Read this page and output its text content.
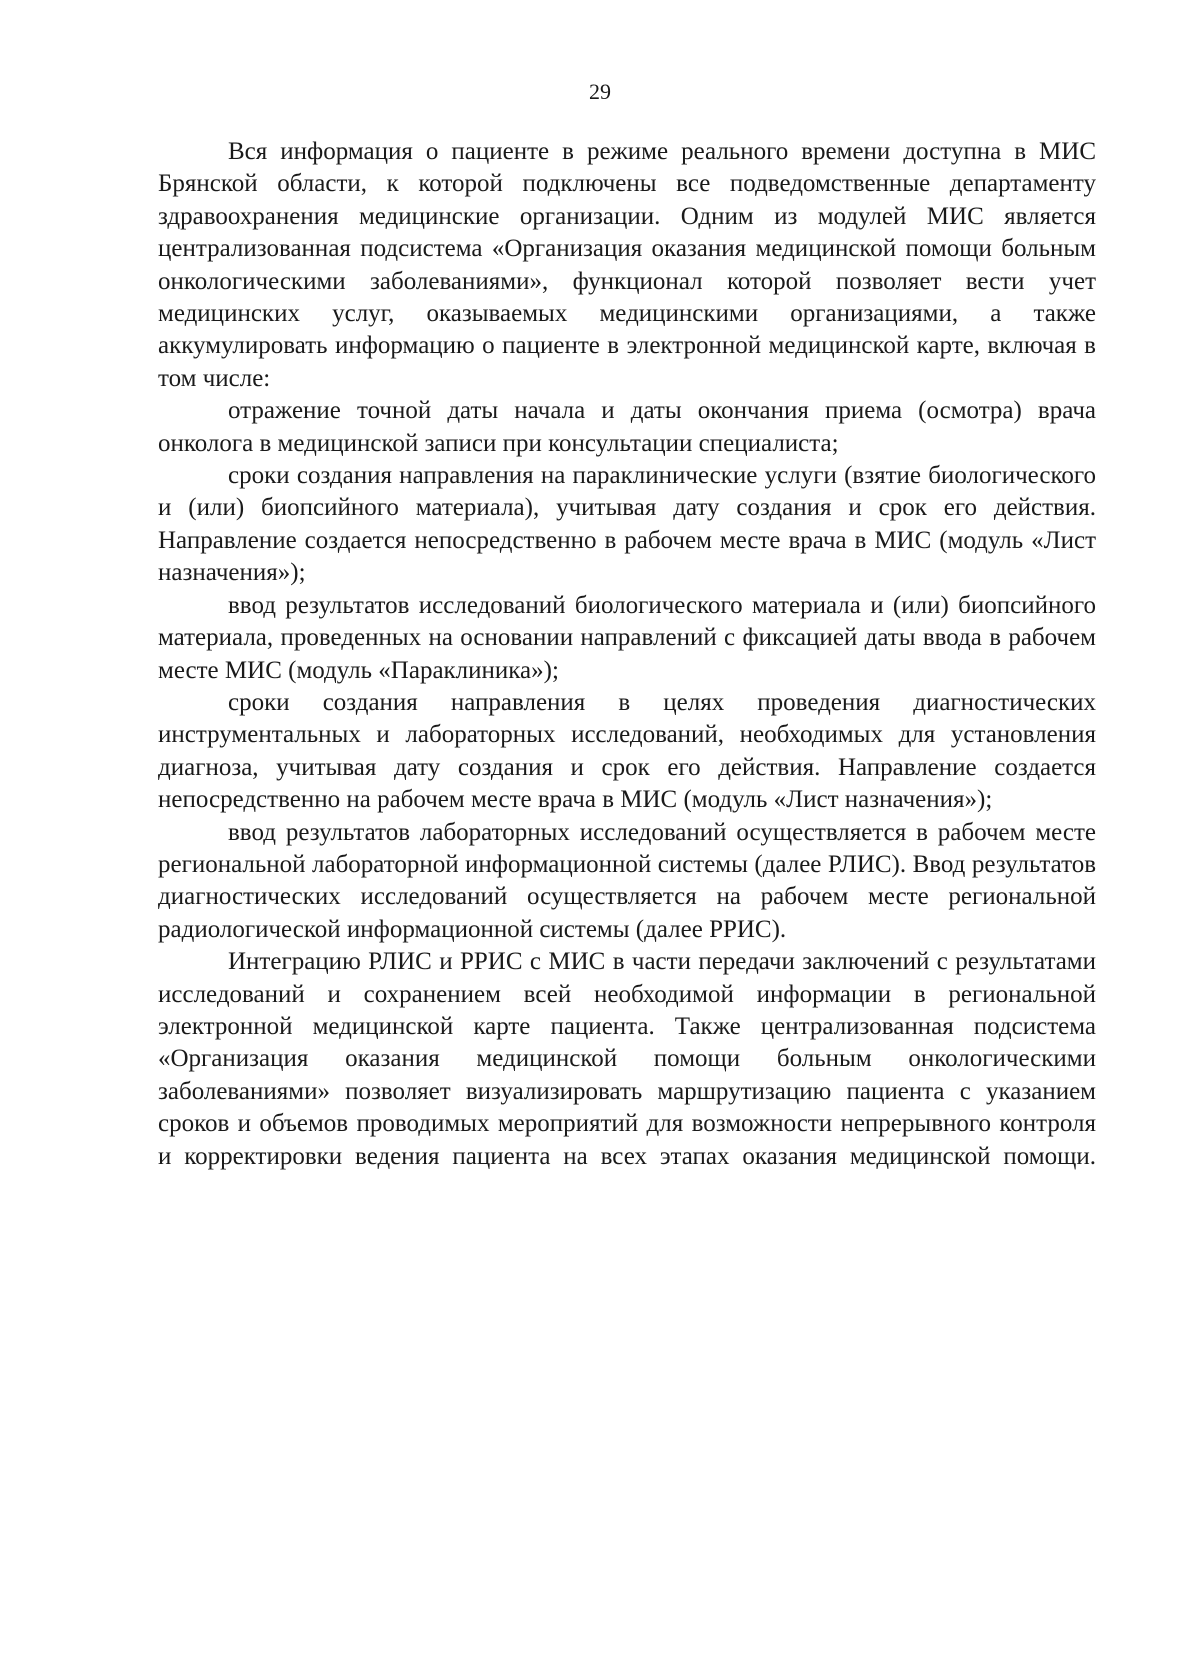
29

Вся информация о пациенте в режиме реального времени доступна в МИС Брянской области, к которой подключены все подведомственные департаменту здравоохранения медицинские организации. Одним из модулей МИС является централизованная подсистема «Организация оказания медицинской помощи больным онкологическими заболеваниями», функционал которой позволяет вести учет медицинских услуг, оказываемых медицинскими организациями, а также аккумулировать информацию о пациенте в электронной медицинской карте, включая в том числе:

отражение точной даты начала и даты окончания приема (осмотра) врача онколога в медицинской записи при консультации специалиста;

сроки создания направления на параклинические услуги (взятие биологического и (или) биопсийного материала), учитывая дату создания и срок его действия. Направление создается непосредственно в рабочем месте врача в МИС (модуль «Лист назначения»);

ввод результатов исследований биологического материала и (или) биопсийного материала, проведенных на основании направлений с фиксацией даты ввода в рабочем месте МИС (модуль «Параклиника»);

сроки создания направления в целях проведения диагностических инструментальных и лабораторных исследований, необходимых для установления диагноза, учитывая дату создания и срок его действия. Направление создается непосредственно на рабочем месте врача в МИС (модуль «Лист назначения»);

ввод результатов лабораторных исследований осуществляется в рабочем месте региональной лабораторной информационной системы (далее РЛИС). Ввод результатов диагностических исследований осуществляется на рабочем месте региональной радиологической информационной системы (далее РРИС).

Интеграцию РЛИС и РРИС с МИС в части передачи заключений с результатами исследований и сохранением всей необходимой информации в региональной электронной медицинской карте пациента. Также централизованная подсистема «Организация оказания медицинской помощи больным онкологическими заболеваниями» позволяет визуализировать маршрутизацию пациента с указанием сроков и объемов проводимых мероприятий для возможности непрерывного контроля и корректировки ведения пациента на всех этапах оказания медицинской помощи.
